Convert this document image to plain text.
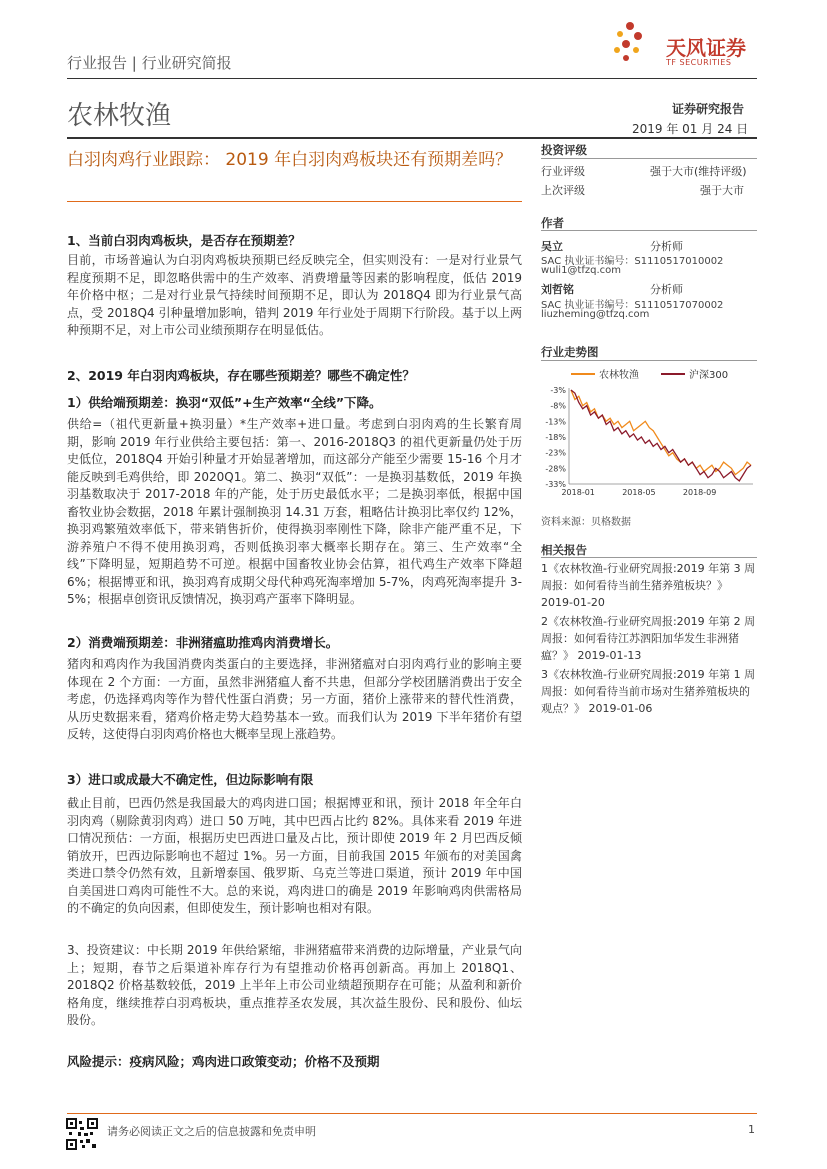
天风证券
TF SECURITIES
行业报告 | 行业研究简报
农林牧渔	证券研究报告
2019 年 01 月 24 日
白羽肉鸡行业跟踪： 2019 年白羽肉鸡板块还有预期差吗？	投资评级
行业评级	强于大市(维持评级)
上次评级	强于大市
作者
吴立	分析师
SAC 执业证书编号：S1110517010002
wuli1@tfzq.com
刘哲铭	分析师
SAC 执业证书编号：S1110517070002
liuzheming@tfzq.com
行业走势图
农林牧渔	沪深300
-3%
-8%
-13%
-18%
-23%
-28%
-33%
2018-01	2018-05	2018-09
资料来源：贝格数据
相关报告
1《农林牧渔-行业研究周报:2019 年第 3 周周报：如何看待当前生猪养殖板块？》 2019-01-20
2《农林牧渔-行业研究周报:2019 年第 2 周周报：如何看待江苏泗阳加华发生非洲猪瘟？》 2019-01-13
3《农林牧渔-行业研究周报:2019 年第 1 周周报：如何看待当前市场对生猪养殖板块的观点？》 2019-01-06
1、当前白羽肉鸡板块，是否存在预期差？
目前，市场普遍认为白羽肉鸡板块预期已经反映完全，但实则没有：一是对行业景气程度预期不足，即忽略供需中的生产效率、消费增量等因素的影响程度，低估 2019 年价格中枢；二是对行业景气持续时间预期不足，即认为 2018Q4 即为行业景气高点，受 2018Q4 引种量增加影响，错判 2019 年行业处于周期下行阶段。基于以上两种预期不足，对上市公司业绩预期存在明显低估。
2、2019 年白羽肉鸡板块，存在哪些预期差？哪些不确定性？
1）供给端预期差：换羽“双低”+生产效率“全线”下降。
供给=（祖代更新量+换羽量）*生产效率+进口量。考虑到白羽肉鸡的生长繁育周期，影响 2019 年行业供给主要包括：第一、2016-2018Q3 的祖代更新量仍处于历史低位，2018Q4 开始引种量才开始显著增加，而这部分产能至少需要 15-16 个月才能反映到毛鸡供给，即 2020Q1。第二、换羽“双低”：一是换羽基数低，2019 年换羽基数取决于 2017-2018 年的产能，处于历史最低水平；二是换羽率低，根据中国畜牧业协会数据，2018 年累计强制换羽 14.31 万套，粗略估计换羽比率仅约 12%，换羽鸡繁殖效率低下，带来销售折价，使得换羽率刚性下降，除非产能严重不足，下游养殖户不得不使用换羽鸡，否则低换羽率大概率长期存在。第三、生产效率“全线”下降明显，短期趋势不可逆。根据中国畜牧业协会估算，祖代鸡生产效率下降超 6%；根据博亚和讯，换羽鸡育成期父母代种鸡死淘率增加 5-7%，肉鸡死淘率提升 3-5%；根据卓创资讯反馈情况，换羽鸡产蛋率下降明显。
2）消费端预期差：非洲猪瘟助推鸡肉消费增长。
猪肉和鸡肉作为我国消费肉类蛋白的主要选择，非洲猪瘟对白羽肉鸡行业的影响主要体现在 2 个方面：一方面，虽然非洲猪瘟人畜不共患，但部分学校团膳消费出于安全考虑，仍选择鸡肉等作为替代性蛋白消费；另一方面，猪价上涨带来的替代性消费，从历史数据来看，猪鸡价格走势大趋势基本一致。而我们认为 2019 下半年猪价有望反转，这使得白羽肉鸡价格也大概率呈现上涨趋势。
3）进口或成最大不确定性，但边际影响有限
截止目前，巴西仍然是我国最大的鸡肉进口国；根据博亚和讯，预计 2018 年全年白羽肉鸡（剔除黄羽肉鸡）进口 50 万吨，其中巴西占比约 82%。具体来看 2019 年进口情况预估：一方面，根据历史巴西进口量及占比，预计即使 2019 年 2 月巴西反倾销放开，巴西边际影响也不超过 1%。另一方面，目前我国 2015 年颁布的对美国禽类进口禁令仍然有效，且新增泰国、俄罗斯、乌克兰等进口渠道，预计 2019 年中国自美国进口鸡肉可能性不大。总的来说，鸡肉进口的确是 2019 年影响鸡肉供需格局的不确定的负向因素，但即使发生，预计影响也相对有限。
3、投资建议：中长期 2019 年供给紧缩，非洲猪瘟带来消费的边际增量，产业景气向上；短期，春节之后渠道补库存行为有望推动价格再创新高。再加上 2018Q1、2018Q2 价格基数较低，2019 上半年上市公司业绩超预期存在可能；从盈利和新价格角度，继续推荐白羽鸡板块，重点推荐圣农发展，其次益生股份、民和股份、仙坛股份。
风险提示：疫病风险；鸡肉进口政策变动；价格不及预期
请务必阅读正文之后的信息披露和免责申明	1
